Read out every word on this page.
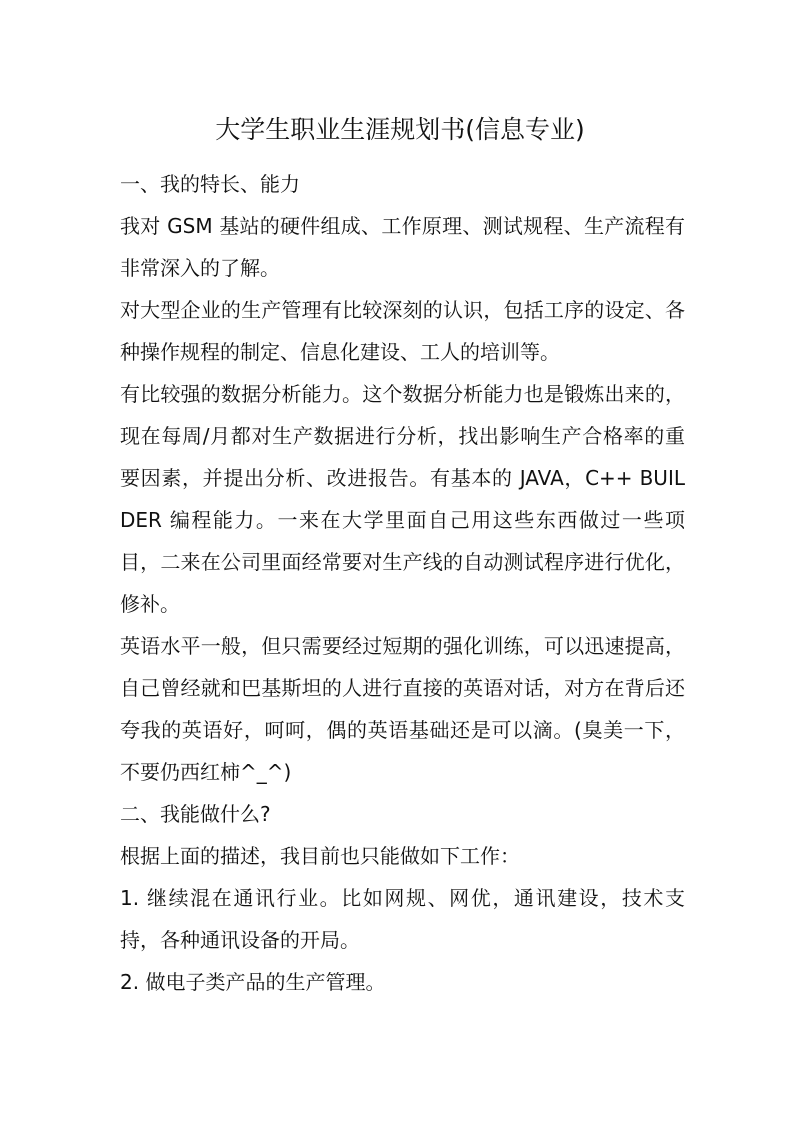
大学生职业生涯规划书(信息专业)

一、我的特长、能力

我对 GSM 基站的硬件组成、工作原理、测试规程、生产流程有非常深入的了解。

对大型企业的生产管理有比较深刻的认识，包括工序的设定、各种操作规程的制定、信息化建设、工人的培训等。

有比较强的数据分析能力。这个数据分析能力也是锻炼出来的，现在每周/月都对生产数据进行分析，找出影响生产合格率的重要因素，并提出分析、改进报告。有基本的 JAVA，C++ BUILDER 编程能力。一来在大学里面自己用这些东西做过一些项目，二来在公司里面经常要对生产线的自动测试程序进行优化，修补。

英语水平一般，但只需要经过短期的强化训练，可以迅速提高，自己曾经就和巴基斯坦的人进行直接的英语对话，对方在背后还夸我的英语好，呵呵，偶的英语基础还是可以滴。(臭美一下，不要仍西红柿^_^)

二、我能做什么?

根据上面的描述，我目前也只能做如下工作：

1. 继续混在通讯行业。比如网规、网优，通讯建设，技术支持，各种通讯设备的开局。

2. 做电子类产品的生产管理。
